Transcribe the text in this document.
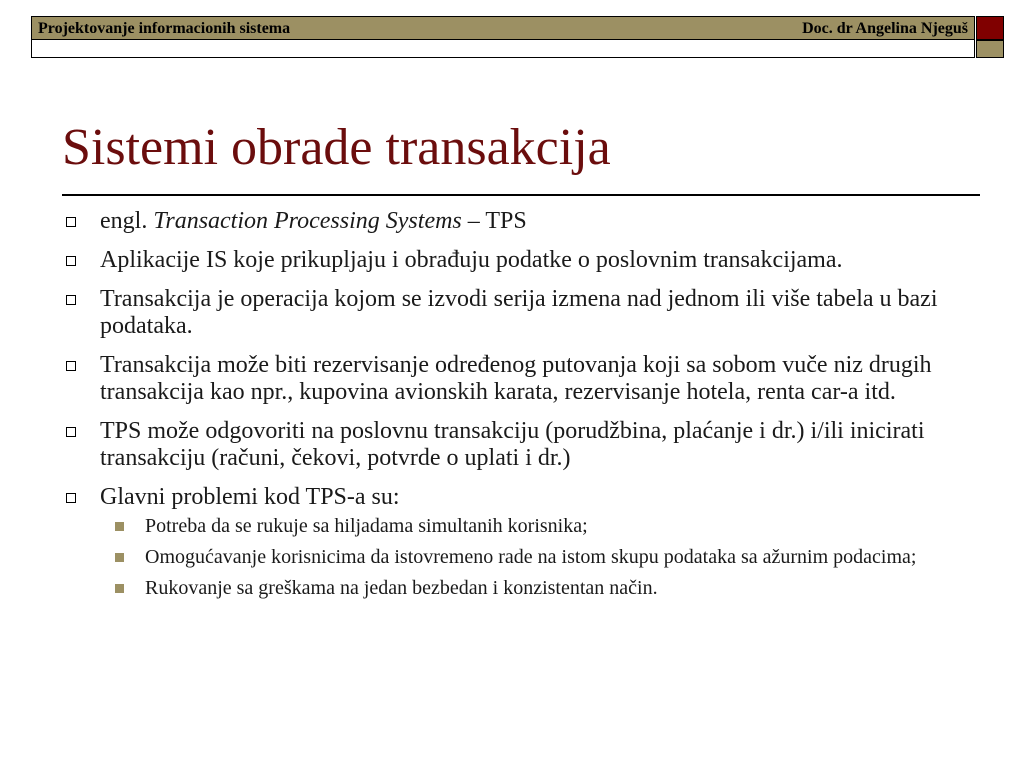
Projektovanje informacionih sistema	Doc. dr Angelina Njeguš
Sistemi obrade transakcija
engl. Transaction Processing Systems – TPS
Aplikacije IS koje prikupljaju i obrađuju podatke o poslovnim transakcijama.
Transakcija je operacija kojom se izvodi serija izmena nad jednom ili više tabela u bazi podataka.
Transakcija može biti rezervisanje određenog putovanja koji sa sobom vuče niz drugih transakcija kao npr., kupovina avionskih karata, rezervisanje hotela, renta car-a itd.
TPS može odgovoriti na poslovnu transakciju (porudžbina, plaćanje i dr.) i/ili inicirati transakciju (računi, čekovi, potvrde o uplati i dr.)
Glavni problemi kod TPS-a su:
Potreba da se rukuje sa hiljadama simultanih korisnika;
Omogućavanje korisnicima da istovremeno rade na istom skupu podataka sa ažurnim podacima;
Rukovanje sa greškama na jedan bezbedan i konzistentan način.
